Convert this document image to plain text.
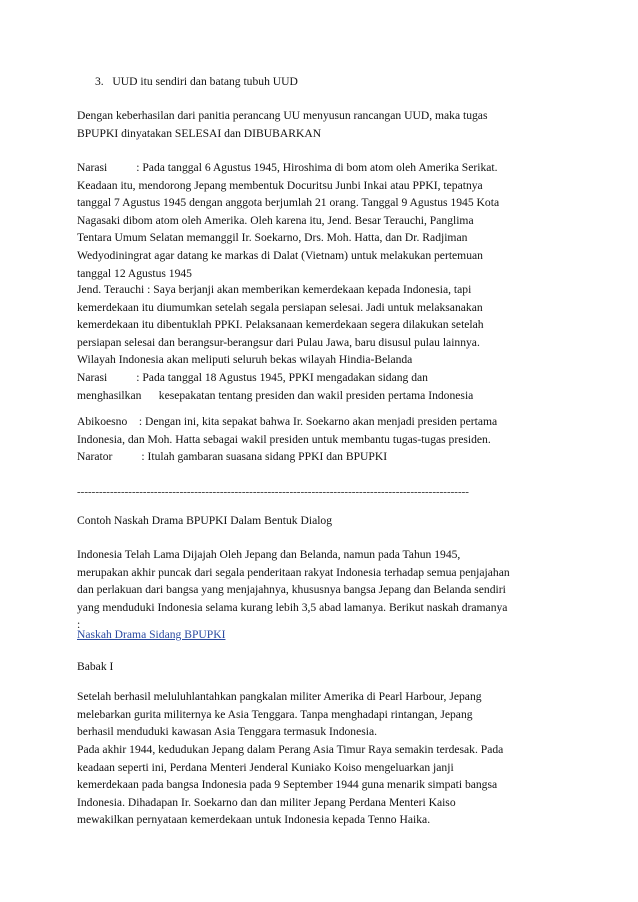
3. UUD itu sendiri dan batang tubuh UUD
Dengan keberhasilan dari panitia perancang UU menyusun rancangan UUD, maka tugas
BPUPKI dinyatakan SELESAI dan DIBUBARKAN
Narasi          : Pada tanggal 6 Agustus 1945, Hiroshima di bom atom oleh Amerika Serikat.
Keadaan itu, mendorong Jepang membentuk Docuritsu Junbi Inkai atau PPKI, tepatnya
tanggal 7 Agustus 1945 dengan anggota berjumlah 21 orang. Tanggal 9 Agustus 1945 Kota
Nagasaki dibom atom oleh Amerika. Oleh karena itu, Jend. Besar Terauchi, Panglima
Tentara Umum Selatan memanggil Ir. Soekarno, Drs. Moh. Hatta, dan Dr. Radjiman
Wedyodiningrat agar datang ke markas di Dalat (Vietnam) untuk melakukan pertemuan
tanggal 12 Agustus 1945
Jend. Terauchi : Saya berjanji akan memberikan kemerdekaan kepada Indonesia, tapi
kemerdekaan itu diumumkan setelah segala persiapan selesai. Jadi untuk melaksanakan
kemerdekaan itu dibentuklah PPKI. Pelaksanaan kemerdekaan segera dilakukan setelah
persiapan selesai dan berangsur-berangsur dari Pulau Jawa, baru disusul pulau lainnya.
Wilayah Indonesia akan meliputi seluruh bekas wilayah Hindia-Belanda
Narasi          : Pada tanggal 18 Agustus 1945, PPKI mengadakan sidang dan
menghasilkan      kesepakatan tentang presiden dan wakil presiden pertama Indonesia
Abikoesno    : Dengan ini, kita sepakat bahwa Ir. Soekarno akan menjadi presiden pertama
Indonesia, dan Moh. Hatta sebagai wakil presiden untuk membantu tugas-tugas presiden.
Narator          : Itulah gambaran suasana sidang PPKI dan BPUPKI
-----------------------------------------------------------------------------------------------------------
Contoh Naskah Drama BPUPKI Dalam Bentuk Dialog
Indonesia Telah Lama Dijajah Oleh Jepang dan Belanda, namun pada Tahun 1945,
merupakan akhir puncak dari segala penderitaan rakyat Indonesia terhadap semua penjajahan
dan perlakuan dari bangsa yang menjajahnya, khususnya bangsa Jepang dan Belanda sendiri
yang menduduki Indonesia selama kurang lebih 3,5 abad lamanya. Berikut naskah dramanya
:
Naskah Drama Sidang BPUPKI
Babak I
Setelah berhasil meluluhlantahkan pangkalan militer Amerika di Pearl Harbour, Jepang
melebarkan gurita militernya ke Asia Tenggara. Tanpa menghadapi rintangan, Jepang
berhasil menduduki kawasan Asia Tenggara termasuk Indonesia.
Pada akhir 1944, kedudukan Jepang dalam Perang Asia Timur Raya semakin terdesak. Pada
keadaan seperti ini, Perdana Menteri Jenderal Kuniako Koiso mengeluarkan janji
kemerdekaan pada bangsa Indonesia pada 9 September 1944 guna menarik simpati bangsa
Indonesia. Dihadapan Ir. Soekarno dan dan militer Jepang Perdana Menteri Kaiso
mewakilkan pernyataan kemerdekaan untuk Indonesia kepada Tenno Haika.
